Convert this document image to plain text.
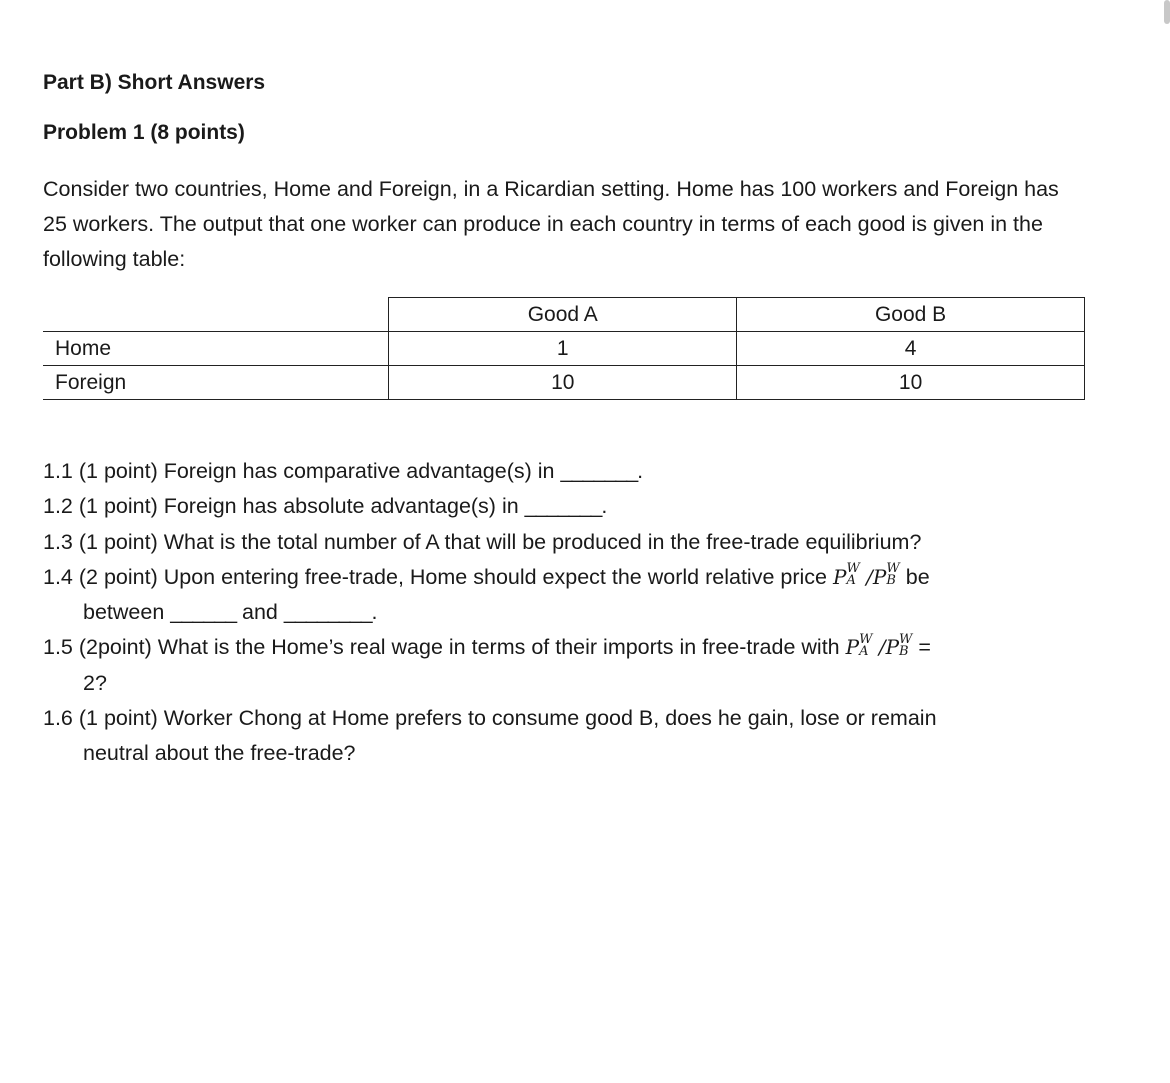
Part B) Short Answers
Problem 1 (8 points)

Consider two countries, Home and Foreign, in a Ricardian setting. Home has 100 workers and Foreign has 25 workers. The output that one worker can produce in each country in terms of each good is given in the following table:

	Good A	Good B
Home	1	4
Foreign	10	10

1.1 (1 point) Foreign has comparative advantage(s) in _______.

1.2 (1 point) Foreign has absolute advantage(s) in _______.

1.3 (1 point) What is the total number of A that will be produced in the free-trade equilibrium?

1.4 (2 point) Upon entering free-trade, Home should expect the world relative price P W
A /P W
B be
between ______ and ________.

1.5 (2point) What is the Home’s real wage in terms of their imports in free-trade with P W
A /P W
B =
2?

1.6 (1 point) Worker Chong at Home prefers to consume good B, does he gain, lose or remain
neutral about the free-trade?
